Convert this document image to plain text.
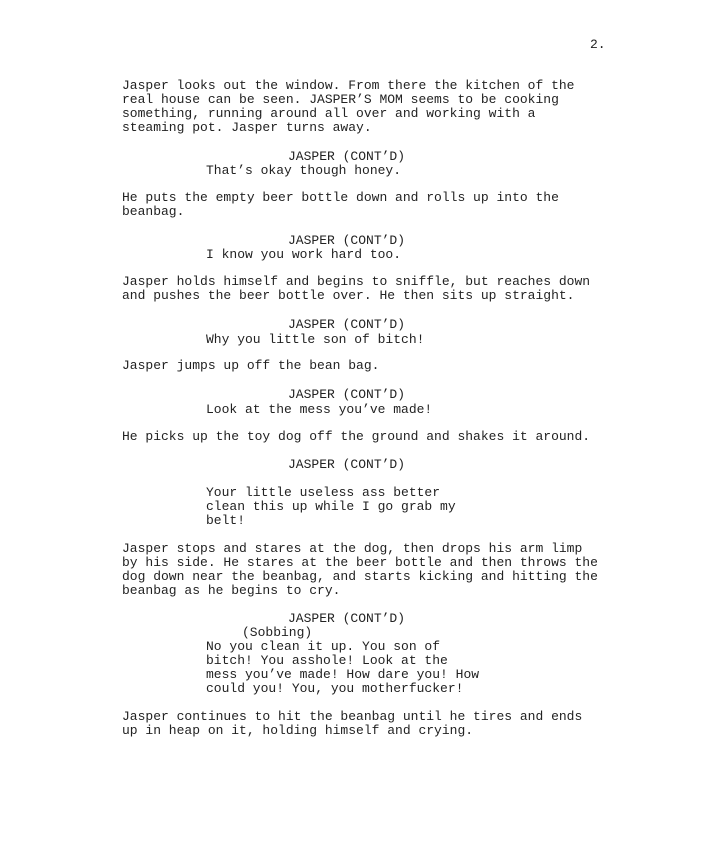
2.

Jasper looks out the window. From there the kitchen of the
real house can be seen. JASPER’S MOM seems to be cooking
something, running around all over and working with a
steaming pot. Jasper turns away.

JASPER (CONT’D)

That’s okay though honey.

He puts the empty beer bottle down and rolls up into the
beanbag.

JASPER (CONT’D)

I know you work hard too.

Jasper holds himself and begins to sniffle, but reaches down
and pushes the beer bottle over. He then sits up straight.

JASPER (CONT’D)

Why you little son of bitch!

Jasper jumps up off the bean bag.

JASPER (CONT’D)

Look at the mess you’ve made!

He picks up the toy dog off the ground and shakes it around.

JASPER (CONT’D)

Your little useless ass better
clean this up while I go grab my
belt!

Jasper stops and stares at the dog, then drops his arm limp
by his side. He stares at the beer bottle and then throws the
dog down near the beanbag, and starts kicking and hitting the
beanbag as he begins to cry.

JASPER (CONT’D)

(Sobbing)

No you clean it up. You son of
bitch! You asshole! Look at the
mess you’ve made! How dare you! How
could you! You, you motherfucker!

Jasper continues to hit the beanbag until he tires and ends
up in heap on it, holding himself and crying.
